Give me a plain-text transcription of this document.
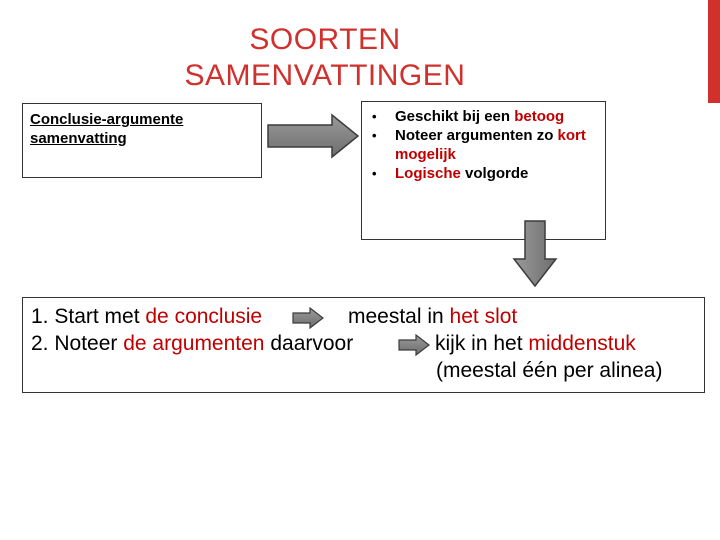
SOORTEN
SAMENVATTINGEN
Conclusie-argumente
samenvatting
• Geschikt bij een betoog
• Noteer argumenten zo kort mogelijk
• Logische volgorde
1. Start met de conclusie	meestal in het slot
2. Noteer de argumenten daarvoor	kijk in het middenstuk
(meestal één per alinea)
